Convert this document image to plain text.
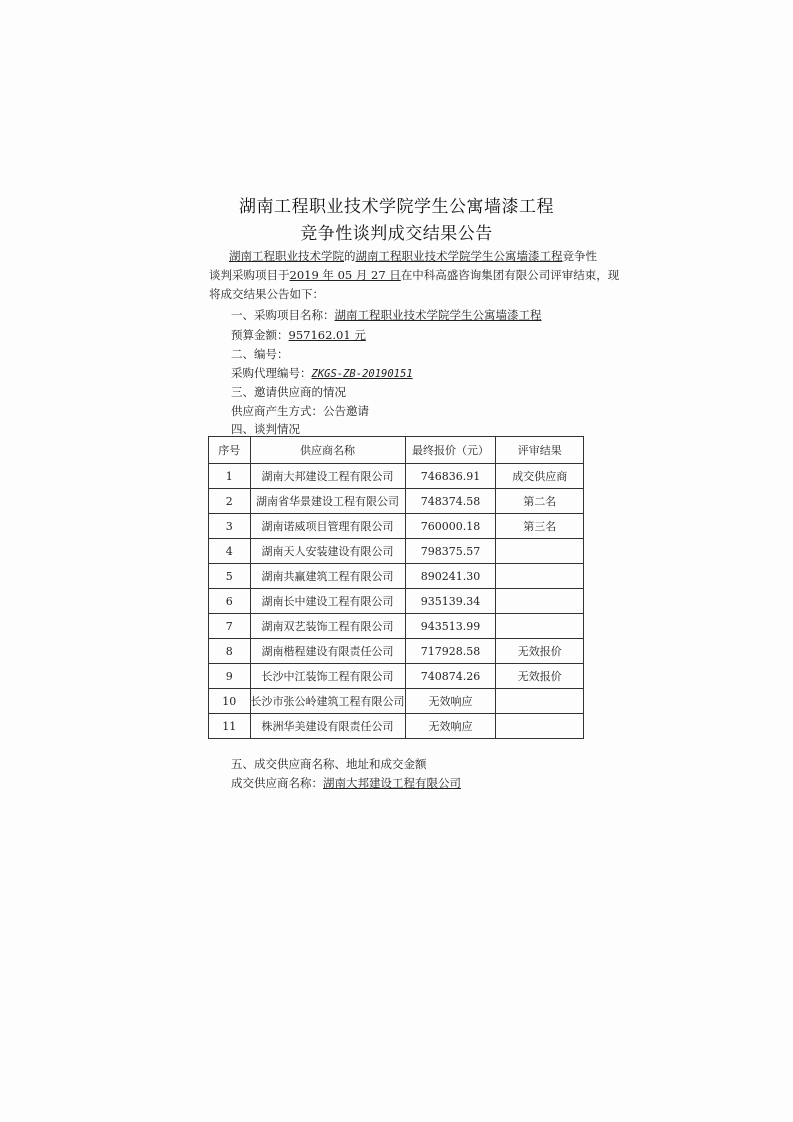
湖南工程职业技术学院学生公寓墙漆工程
竞争性谈判成交结果公告
湖南工程职业技术学院的湖南工程职业技术学院学生公寓墙漆工程竞争性
谈判采购项目于2019 年 05 月 27 日在中科高盛咨询集团有限公司评审结束，现
将成交结果公告如下：
一、采购项目名称：湖南工程职业技术学院学生公寓墙漆工程
预算金额：957162.01 元
二、编号：
采购代理编号：ZKGS-ZB-20190151
三、邀请供应商的情况
供应商产生方式：公告邀请
四、谈判情况
序号	供应商名称	最终报价（元）	评审结果
1	湖南大邦建设工程有限公司	746836.91	成交供应商
2	湖南省华景建设工程有限公司	748374.58	第二名
3	湖南诺威项目管理有限公司	760000.18	第三名
4	湖南天人安装建设有限公司	798375.57	
5	湖南共赢建筑工程有限公司	890241.30	
6	湖南长中建设工程有限公司	935139.34	
7	湖南双艺装饰工程有限公司	943513.99	
8	湖南楷程建设有限责任公司	717928.58	无效报价
9	长沙中江装饰工程有限公司	740874.26	无效报价
10	长沙市张公岭建筑工程有限公司	无效响应	
11	株洲华美建设有限责任公司	无效响应	
五、成交供应商名称、地址和成交金额
成交供应商名称：湖南大邦建设工程有限公司
